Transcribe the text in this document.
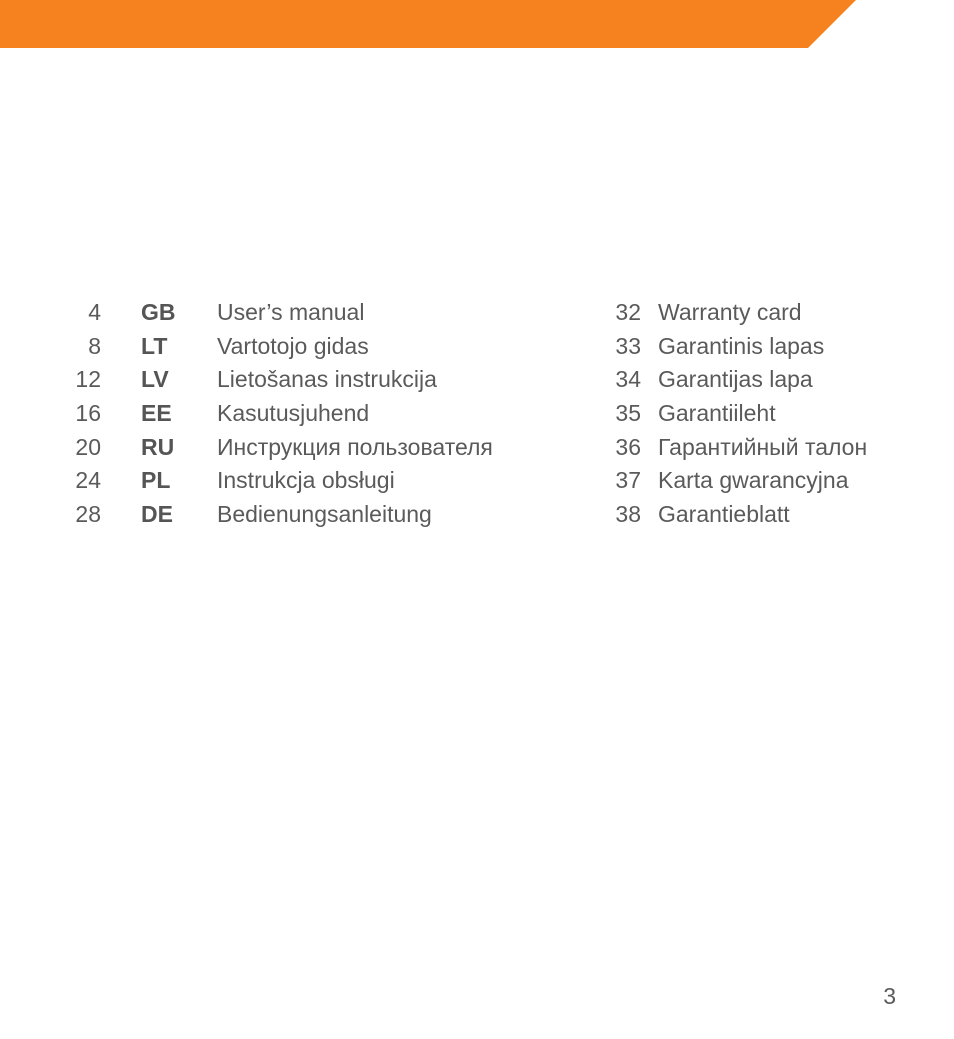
4 GB User’s manual
8 LT Vartotojo gidas
12 LV Lietošanas instrukcija
16 EE Kasutusjuhend
20 RU Инструкция пользователя
24 PL Instrukcja obsługi
28 DE Bedienungsanleitung
32 Warranty card
33 Garantinis lapas
34 Garantijas lapa
35 Garantiileht
36 Гарантийный талон
37 Karta gwarancyjna
38 Garantieblatt
3
